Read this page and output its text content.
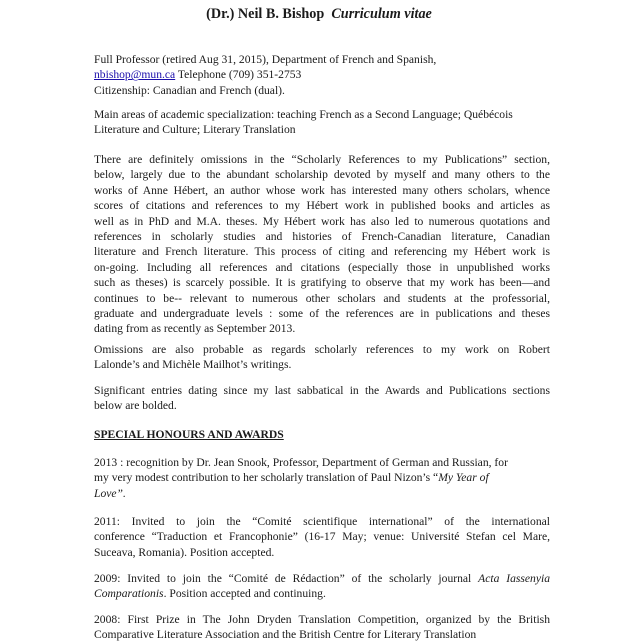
(Dr.) Neil B. Bishop Curriculum vitae
Full Professor (retired Aug 31, 2015), Department of French and Spanish,
nbishop@mun.ca Telephone (709) 351-2753
Citizenship: Canadian and French (dual).
Main areas of academic specialization: teaching French as a Second Language; Québécois
Literature and Culture; Literary Translation
There are definitely omissions in the “Scholarly References to my Publications” section,
below, largely due to the abundant scholarship devoted by myself and many others to the
works of Anne Hébert, an author whose work has interested many others scholars, whence
scores of citations and references to my Hébert work in published books and articles as
well as in PhD and M.A. theses. My Hébert work has also led to numerous quotations and
references in scholarly studies and histories of French-Canadian literature, Canadian
literature and French literature. This process of citing and referencing my Hébert work is
on-going. Including all references and citations (especially those in unpublished works
such as theses) is scarcely possible. It is gratifying to observe that my work has been—and
continues to be-- relevant to numerous other scholars and students at the professorial,
graduate and undergraduate levels : some of the references are in publications and theses
dating from as recently as September 2013.
Omissions are also probable as regards scholarly references to my work on Robert
Lalonde’s and Michèle Mailhot’s writings.
Significant entries dating since my last sabbatical in the Awards and Publications sections
below are bolded.
SPECIAL HONOURS AND AWARDS
2013 : recognition by Dr. Jean Snook, Professor, Department of German and Russian, for
my very modest contribution to her scholarly translation of Paul Nizon’s “My Year of
Love”.
2011: Invited to join the “Comité scientifique international” of the international
conference “Traduction et Francophonie” (16-17 May; venue: Université Stefan cel Mare,
Suceava, Romania). Position accepted.
2009: Invited to join the “Comité de Rédaction” of the scholarly journal Acta Iassenyia
Comparationis. Position accepted and continuing.
2008: First Prize in The John Dryden Translation Competition, organized by the British
Comparative Literature Association and the British Centre for Literary Translation
